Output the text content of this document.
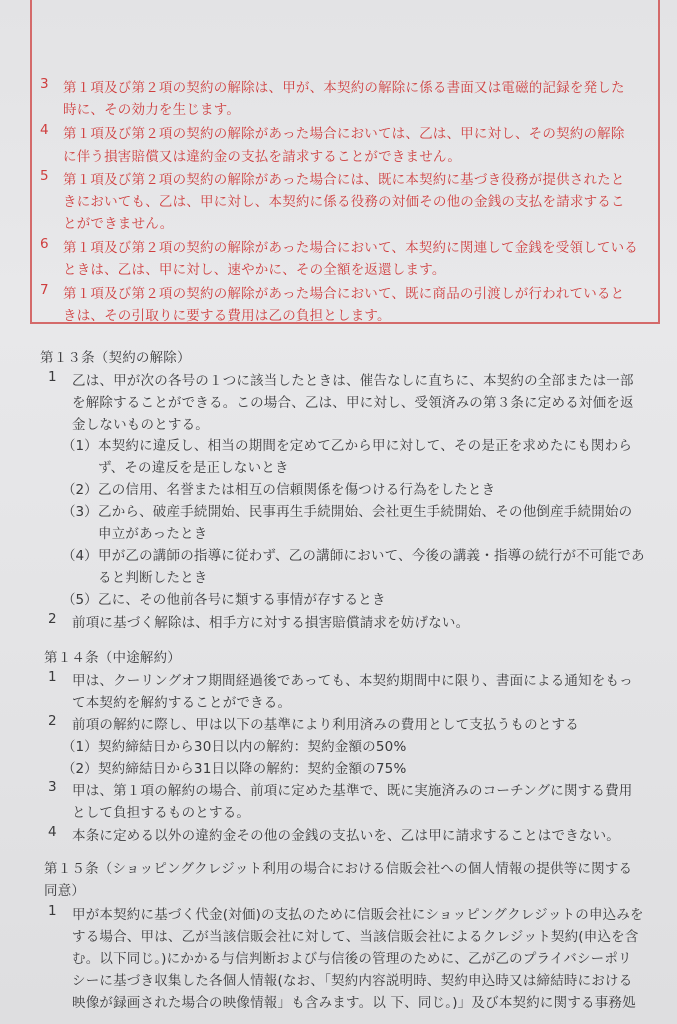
3 第１項及び第２項の契約の解除は、甲が、本契約の解除に係る書面又は電磁的記録を発した
時に、その効力を生じます。
4 第１項及び第２項の契約の解除があった場合においては、乙は、甲に対し、その契約の解除
に伴う損害賠償又は違約金の支払を請求することができません。
5 第１項及び第２項の契約の解除があった場合には、既に本契約に基づき役務が提供されたと
きにおいても、乙は、甲に対し、本契約に係る役務の対価その他の金銭の支払を請求するこ
とができません。
6 第１項及び第２項の契約の解除があった場合において、本契約に関連して金銭を受領している
ときは、乙は、甲に対し、速やかに、その全額を返還します。
7 第１項及び第２項の契約の解除があった場合において、既に商品の引渡しが行われていると
きは、その引取りに要する費用は乙の負担とします。
第１３条（契約の解除）
1 乙は、甲が次の各号の１つに該当したときは、催告なしに直ちに、本契約の全部または一部
を解除することができる。この場合、乙は、甲に対し、受領済みの第３条に定める対価を返
金しないものとする。
（1） 本契約に違反し、相当の期間を定めて乙から甲に対して、その是正を求めたにも関わら
ず、その違反を是正しないとき
（2） 乙の信用、名誉または相互の信頼関係を傷つける行為をしたとき
（3） 乙から、破産手続開始、民事再生手続開始、会社更生手続開始、その他倒産手続開始の
申立があったとき
（4） 甲が乙の講師の指導に従わず、乙の講師において、今後の講義・指導の続行が不可能であ
ると判断したとき
（5） 乙に、その他前各号に類する事情が存するとき
2 前項に基づく解除は、相手方に対する損害賠償請求を妨げない。
第１４条（中途解約）
1 甲は、クーリングオフ期間経過後であっても、本契約期間中に限り、書面による通知をもっ
て本契約を解約することができる。
2 前項の解約に際し、甲は以下の基準により利用済みの費用として支払うものとする
（1） 契約締結日から30日以内の解約：契約金額の50%
（2） 契約締結日から31日以降の解約：契約金額の75%
3 甲は、第１項の解約の場合、前項に定めた基準で、既に実施済みのコーチングに関する費用
として負担するものとする。
4 本条に定める以外の違約金その他の金銭の支払いを、乙は甲に請求することはできない。
第１５条（ショッピングクレジット利用の場合における信販会社への個人情報の提供等に関する
同意）
1 甲が本契約に基づく代金(対価)の支払のために信販会社にショッピングクレジットの申込みを
する場合、甲は、乙が当該信販会社に対して、当該信販会社によるクレジット契約(申込を含
む。以下同じ。)にかかる与信判断および与信後の管理のために、乙が乙のプライバシーポリ
シーに基づき収集した各個人情報(なお、「契約内容説明時、契約申込時又は締結時における
映像が録画された場合の映像情報」も含みます。以 下、同じ。)」及び本契約に関する事務処
